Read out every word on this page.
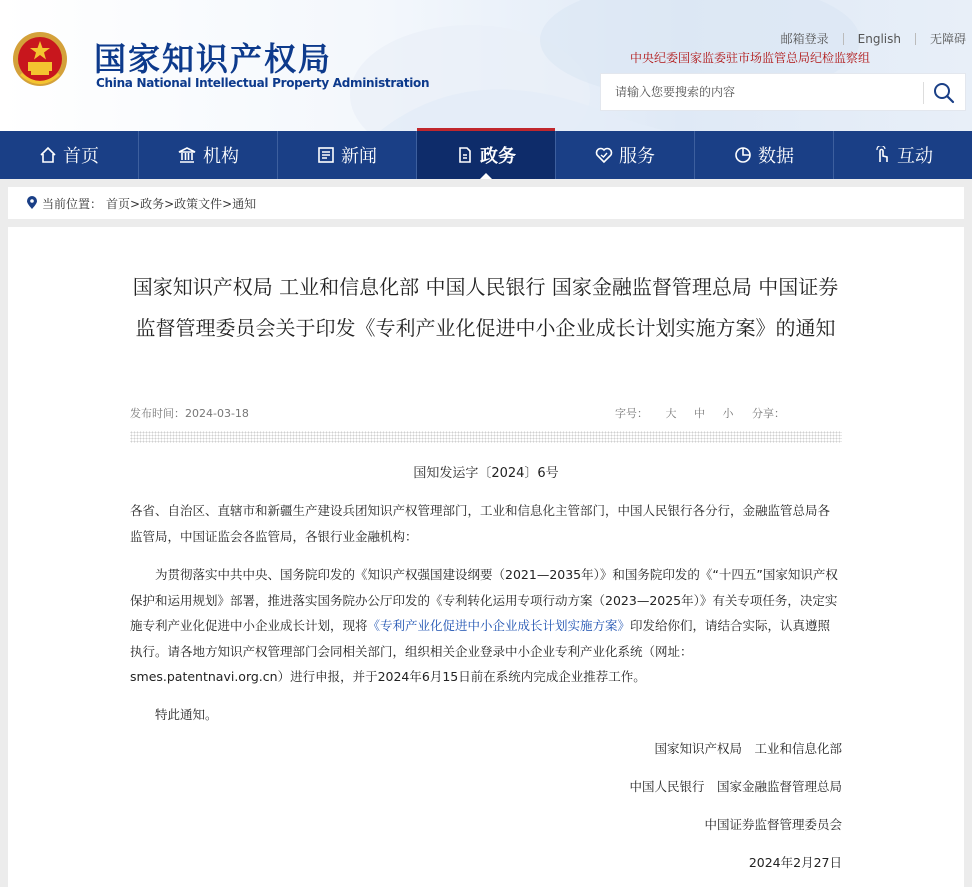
国家知识产权局
China National Intellectual Property Administration
邮箱登录 English 无障碍
中央纪委国家监委驻市场监管总局纪检监察组
请输入您要搜索的内容
首页	机构	新闻	政务	服务	数据	互动
当前位置： 首页>政务>政策文件>通知
国家知识产权局 工业和信息化部 中国人民银行 国家金融监督管理总局 中国证券监督管理委员会关于印发《专利产业化促进中小企业成长计划实施方案》的通知
发布时间：2024-03-18	字号： 大 中 小 分享：
国知发运字〔2024〕6号
各省、自治区、直辖市和新疆生产建设兵团知识产权管理部门，工业和信息化主管部门，中国人民银行各分行，金融监管总局各监管局，中国证监会各监管局，各银行业金融机构：
为贯彻落实中共中央、国务院印发的《知识产权强国建设纲要（2021—2035年）》和国务院印发的《“十四五”国家知识产权保护和运用规划》部署，推进落实国务院办公厅印发的《专利转化运用专项行动方案（2023—2025年）》有关专项任务，决定实施专利产业化促进中小企业成长计划，现将《专利产业化促进中小企业成长计划实施方案》印发给你们，请结合实际，认真遵照执行。请各地方知识产权管理部门会同相关部门，组织相关企业登录中小企业专利产业化系统（网址：smes.patentnavi.org.cn）进行申报，并于2024年6月15日前在系统内完成企业推荐工作。
特此通知。
国家知识产权局　工业和信息化部
中国人民银行　国家金融监督管理总局
中国证券监督管理委员会
2024年2月27日
